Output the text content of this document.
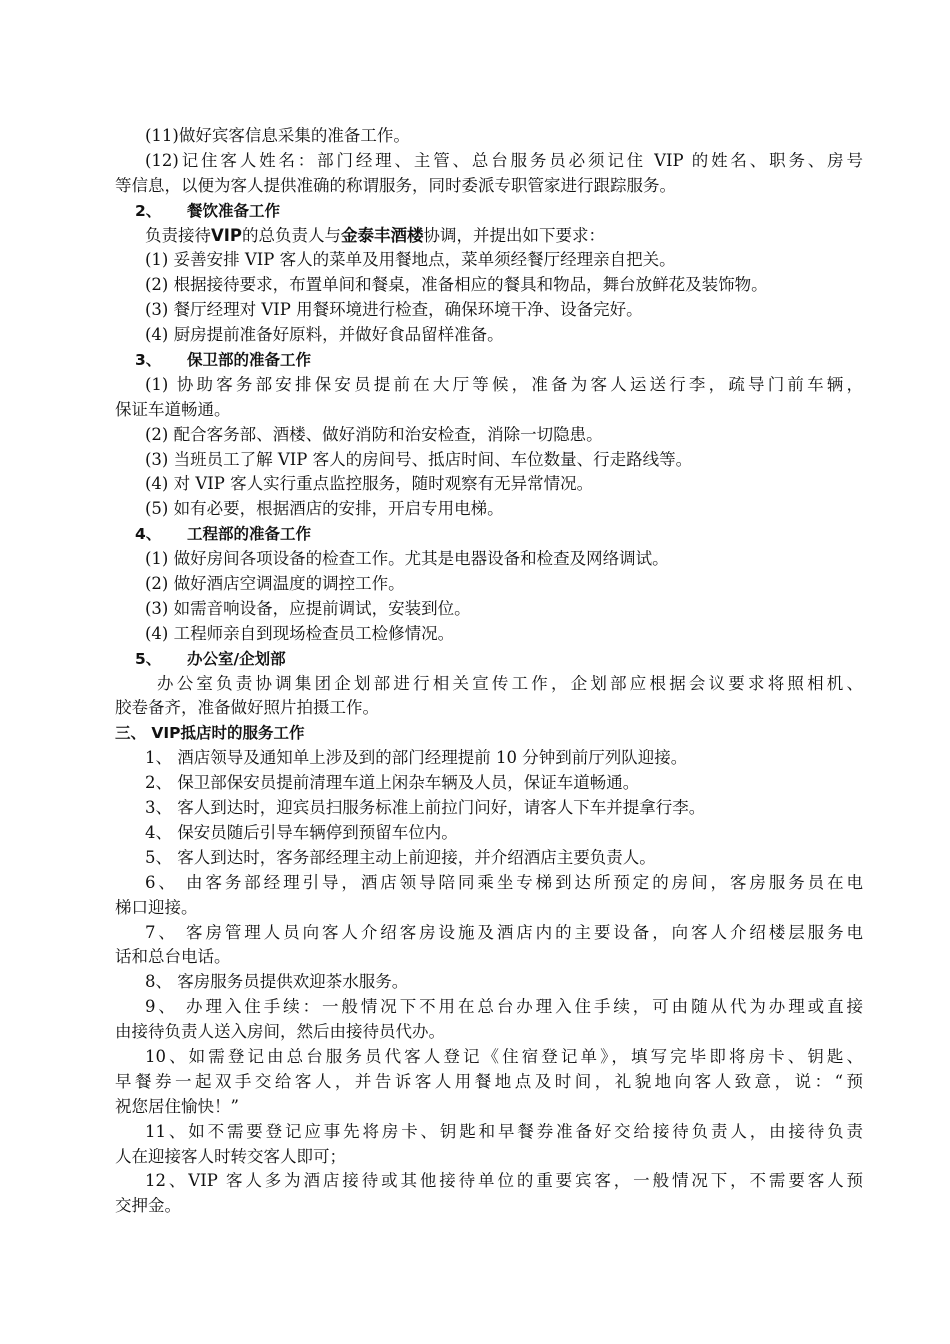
(11)做好宾客信息采集的准备工作。
(12)记住客人姓名：部门经理、主管、总台服务员必须记住 VIP 的姓名、职务、房号
等信息，以便为客人提供准确的称谓服务，同时委派专职管家进行跟踪服务。
2、 餐饮准备工作
负责接待VIP的总负责人与金泰丰酒楼协调，并提出如下要求：
(1) 妥善安排 VIP 客人的菜单及用餐地点，菜单须经餐厅经理亲自把关。
(2) 根据接待要求，布置单间和餐桌，准备相应的餐具和物品，舞台放鲜花及装饰物。
(3) 餐厅经理对 VIP 用餐环境进行检查，确保环境干净、设备完好。
(4) 厨房提前准备好原料，并做好食品留样准备。
3、 保卫部的准备工作
(1) 协助客务部安排保安员提前在大厅等候，准备为客人运送行李，疏导门前车辆，
保证车道畅通。
(2) 配合客务部、酒楼、做好消防和治安检查，消除一切隐患。
(3) 当班员工了解 VIP 客人的房间号、抵店时间、车位数量、行走路线等。
(4) 对 VIP 客人实行重点监控服务，随时观察有无异常情况。
(5) 如有必要，根据酒店的安排，开启专用电梯。
4、 工程部的准备工作
(1) 做好房间各项设备的检查工作。尤其是电器设备和检查及网络调试。
(2) 做好酒店空调温度的调控工作。
(3) 如需音响设备，应提前调试，安装到位。
(4) 工程师亲自到现场检查员工检修情况。
5、 办公室/企划部
办公室负责协调集团企划部进行相关宣传工作，企划部应根据会议要求将照相机、
胶卷备齐，准备做好照片拍摄工作。
三、 VIP抵店时的服务工作
1、 酒店领导及通知单上涉及到的部门经理提前 10 分钟到前厅列队迎接。
2、 保卫部保安员提前清理车道上闲杂车辆及人员，保证车道畅通。
3、 客人到达时，迎宾员扫服务标准上前拉门问好，请客人下车并提拿行李。
4、 保安员随后引导车辆停到预留车位内。
5、 客人到达时，客务部经理主动上前迎接，并介绍酒店主要负责人。
6、 由客务部经理引导，酒店领导陪同乘坐专梯到达所预定的房间，客房服务员在电
梯口迎接。
7、 客房管理人员向客人介绍客房设施及酒店内的主要设备，向客人介绍楼层服务电
话和总台电话。
8、 客房服务员提供欢迎茶水服务。
9、 办理入住手续：一般情况下不用在总台办理入住手续，可由随从代为办理或直接
由接待负责人送入房间，然后由接待员代办。
10、如需登记由总台服务员代客人登记《住宿登记单》，填写完毕即将房卡、钥匙、
早餐券一起双手交给客人，并告诉客人用餐地点及时间，礼貌地向客人致意，说：“预
祝您居住愉快！”
11、如不需要登记应事先将房卡、钥匙和早餐券准备好交给接待负责人，由接待负责
人在迎接客人时转交客人即可；
12、VIP 客人多为酒店接待或其他接待单位的重要宾客，一般情况下，不需要客人预
交押金。
